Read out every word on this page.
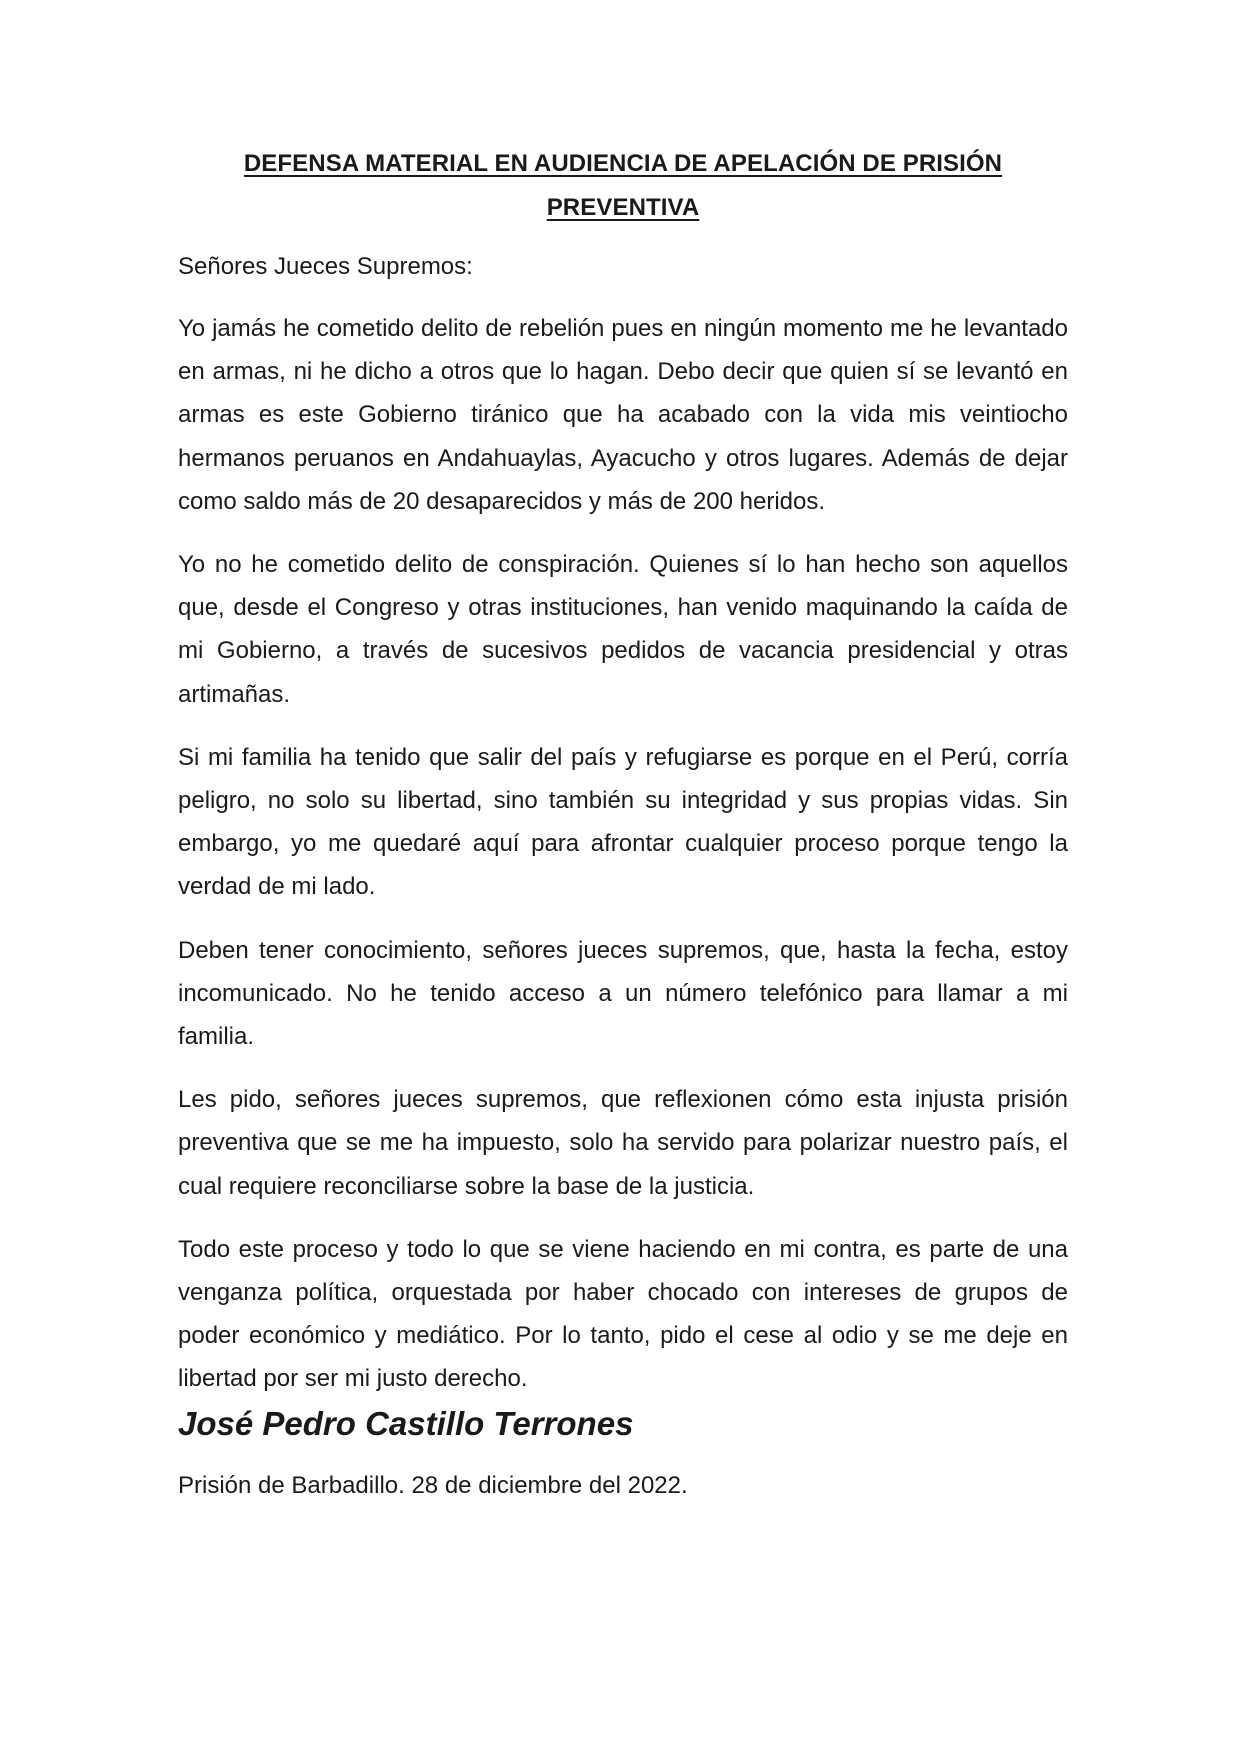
DEFENSA MATERIAL EN AUDIENCIA DE APELACIÓN DE PRISIÓN PREVENTIVA

Señores Jueces Supremos:

Yo jamás he cometido delito de rebelión pues en ningún momento me he levantado en armas, ni he dicho a otros que lo hagan. Debo decir que quien sí se levantó en armas es este Gobierno tiránico que ha acabado con la vida mis veintiocho hermanos peruanos en Andahuaylas, Ayacucho y otros lugares. Además de dejar como saldo más de 20 desaparecidos y más de 200 heridos.

Yo no he cometido delito de conspiración. Quienes sí lo han hecho son aquellos que, desde el Congreso y otras instituciones, han venido maquinando la caída de mi Gobierno, a través de sucesivos pedidos de vacancia presidencial y otras artimañas.

Si mi familia ha tenido que salir del país y refugiarse es porque en el Perú, corría peligro, no solo su libertad, sino también su integridad y sus propias vidas. Sin embargo, yo me quedaré aquí para afrontar cualquier proceso porque tengo la verdad de mi lado.

Deben tener conocimiento, señores jueces supremos, que, hasta la fecha, estoy incomunicado. No he tenido acceso a un número telefónico para llamar a mi familia.

Les pido, señores jueces supremos, que reflexionen cómo esta injusta prisión preventiva que se me ha impuesto, solo ha servido para polarizar nuestro país, el cual requiere reconciliarse sobre la base de la justicia.

Todo este proceso y todo lo que se viene haciendo en mi contra, es parte de una venganza política, orquestada por haber chocado con intereses de grupos de poder económico y mediático. Por lo tanto, pido el cese al odio y se me deje en libertad por ser mi justo derecho.

José Pedro Castillo Terrones

Prisión de Barbadillo. 28 de diciembre del 2022.
